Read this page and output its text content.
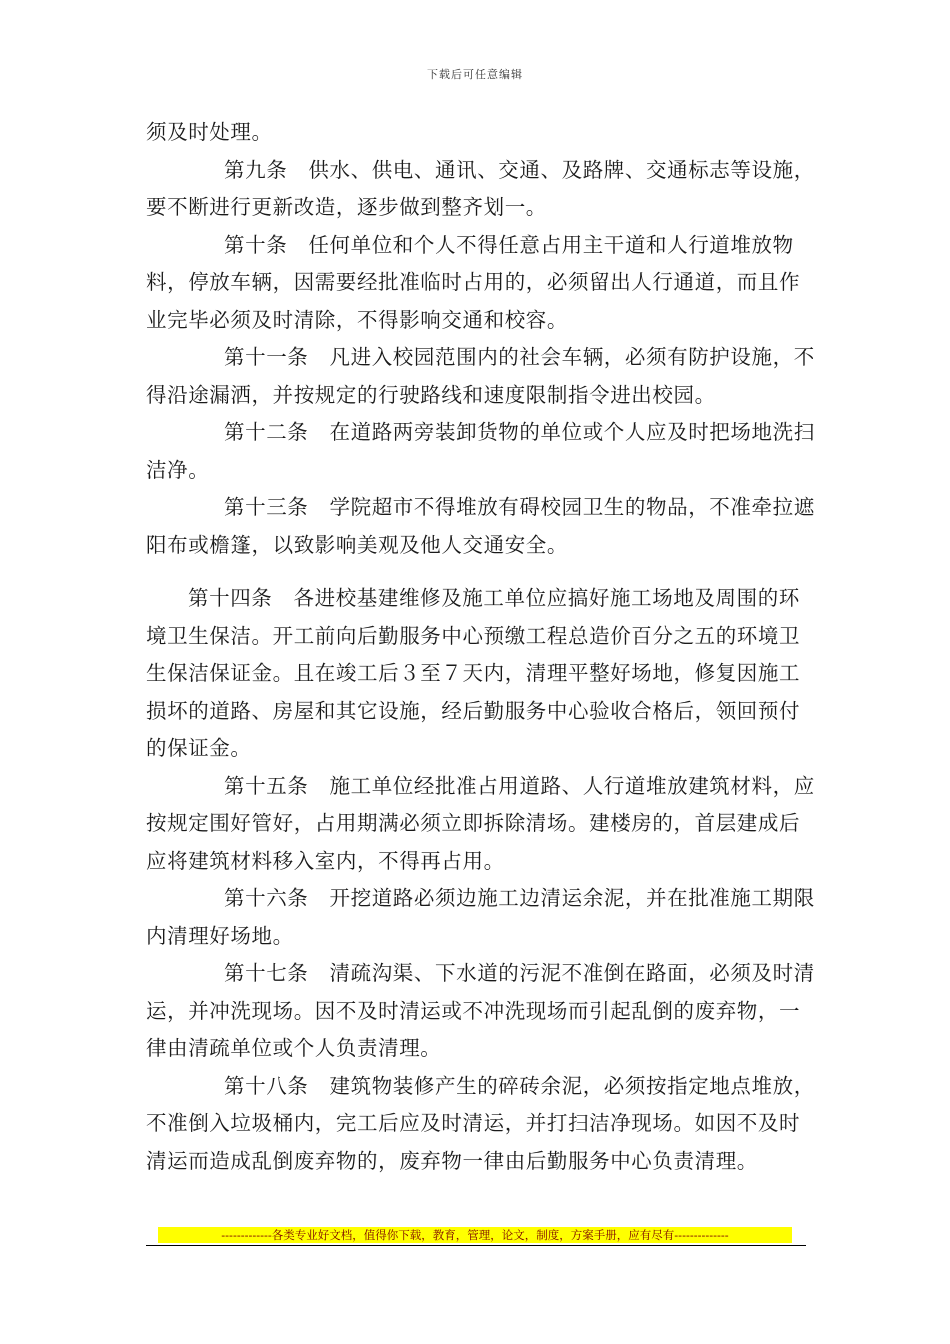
下载后可任意编辑

须及时处理。

第九条　供水、供电、通讯、交通、及路牌、交通标志等设施，要不断进行更新改造，逐步做到整齐划一。

第十条　任何单位和个人不得任意占用主干道和人行道堆放物料，停放车辆，因需要经批准临时占用的，必须留出人行通道，而且作业完毕必须及时清除，不得影响交通和校容。

第十一条　凡进入校园范围内的社会车辆，必须有防护设施，不得沿途漏洒，并按规定的行驶路线和速度限制指令进出校园。

第十二条　在道路两旁装卸货物的单位或个人应及时把场地洗扫洁净。

第十三条　学院超市不得堆放有碍校园卫生的物品，不准牵拉遮阳布或檐篷，以致影响美观及他人交通安全。

第十四条　各进校基建维修及施工单位应搞好施工场地及周围的环境卫生保洁。开工前向后勤服务中心预缴工程总造价百分之五的环境卫生保洁保证金。且在竣工后３至７天内，清理平整好场地，修复因施工损坏的道路、房屋和其它设施，经后勤服务中心验收合格后，领回预付的保证金。

第十五条　施工单位经批准占用道路、人行道堆放建筑材料，应按规定围好管好，占用期满必须立即拆除清场。建楼房的，首层建成后应将建筑材料移入室内，不得再占用。

第十六条　开挖道路必须边施工边清运余泥，并在批准施工期限内清理好场地。

第十七条　清疏沟渠、下水道的污泥不准倒在路面，必须及时清运，并冲洗现场。因不及时清运或不冲洗现场而引起乱倒的废弃物，一律由清疏单位或个人负责清理。

第十八条　建筑物装修产生的碎砖余泥，必须按指定地点堆放，不准倒入垃圾桶内，完工后应及时清运，并打扫洁净现场。如因不及时清运而造成乱倒废弃物的，废弃物一律由后勤服务中心负责清理。

-------------各类专业好文档，值得你下载，教育，管理，论文，制度，方案手册，应有尽有--------------
